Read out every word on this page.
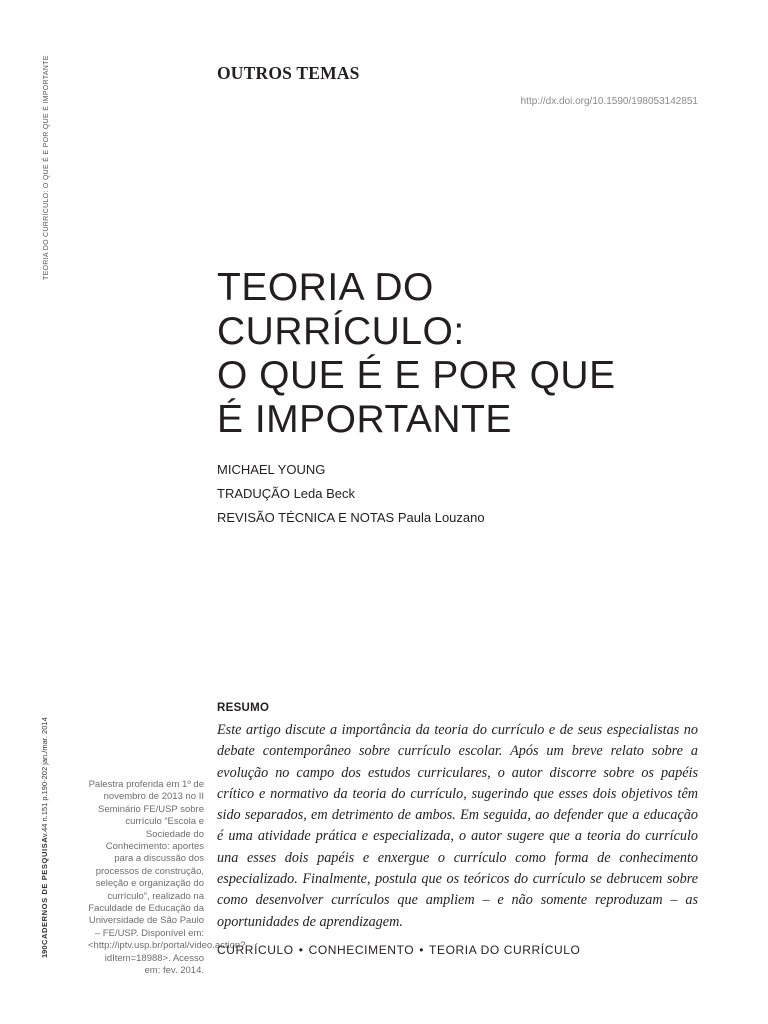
TEORIA DO CURRÍCULO: O QUE É E POR QUE É IMPORTANTE
190CADERNOS DE PESQUISAv.44 n.151 p.190-202 jan./mar. 2014
OUTROS TEMAS
http://dx.doi.org/10.1590/198053142851
TEORIA DO
CURRÍCULO:
O QUE É E POR QUE
É IMPORTANTE
MICHAEL YOUNG
TRADUÇÃO Leda Beck
REVISÃO TÉCNICA E NOTAS Paula Louzano
Palestra proferida em 1º de novembro de 2013 no II Seminário FE/USP sobre currículo “Escola e Sociedade do Conhecimento: aportes para a discussão dos processos de construção, seleção e organização do currículo”, realizado na Faculdade de Educação da Universidade de São Paulo – FE/USP. Disponível em: <http://iptv.usp.br/portal/video.action?idItem=18988>. Acesso em: fev. 2014.
RESUMO

Este artigo discute a importância da teoria do currículo e de seus especialistas no debate contemporâneo sobre currículo escolar. Após um breve relato sobre a evolução no campo dos estudos curriculares, o autor discorre sobre os papéis crítico e normativo da teoria do currículo, sugerindo que esses dois objetivos têm sido separados, em detrimento de ambos. Em seguida, ao defender que a educação é uma atividade prática e especializada, o autor sugere que a teoria do currículo una esses dois papéis e enxergue o currículo como forma de conhecimento especializado. Finalmente, postula que os teóricos do currículo se debrucem sobre como desenvolver currículos que ampliem – e não somente reproduzam – as oportunidades de aprendizagem.

CURRÍCULO • CONHECIMENTO • TEORIA DO CURRÍCULO
